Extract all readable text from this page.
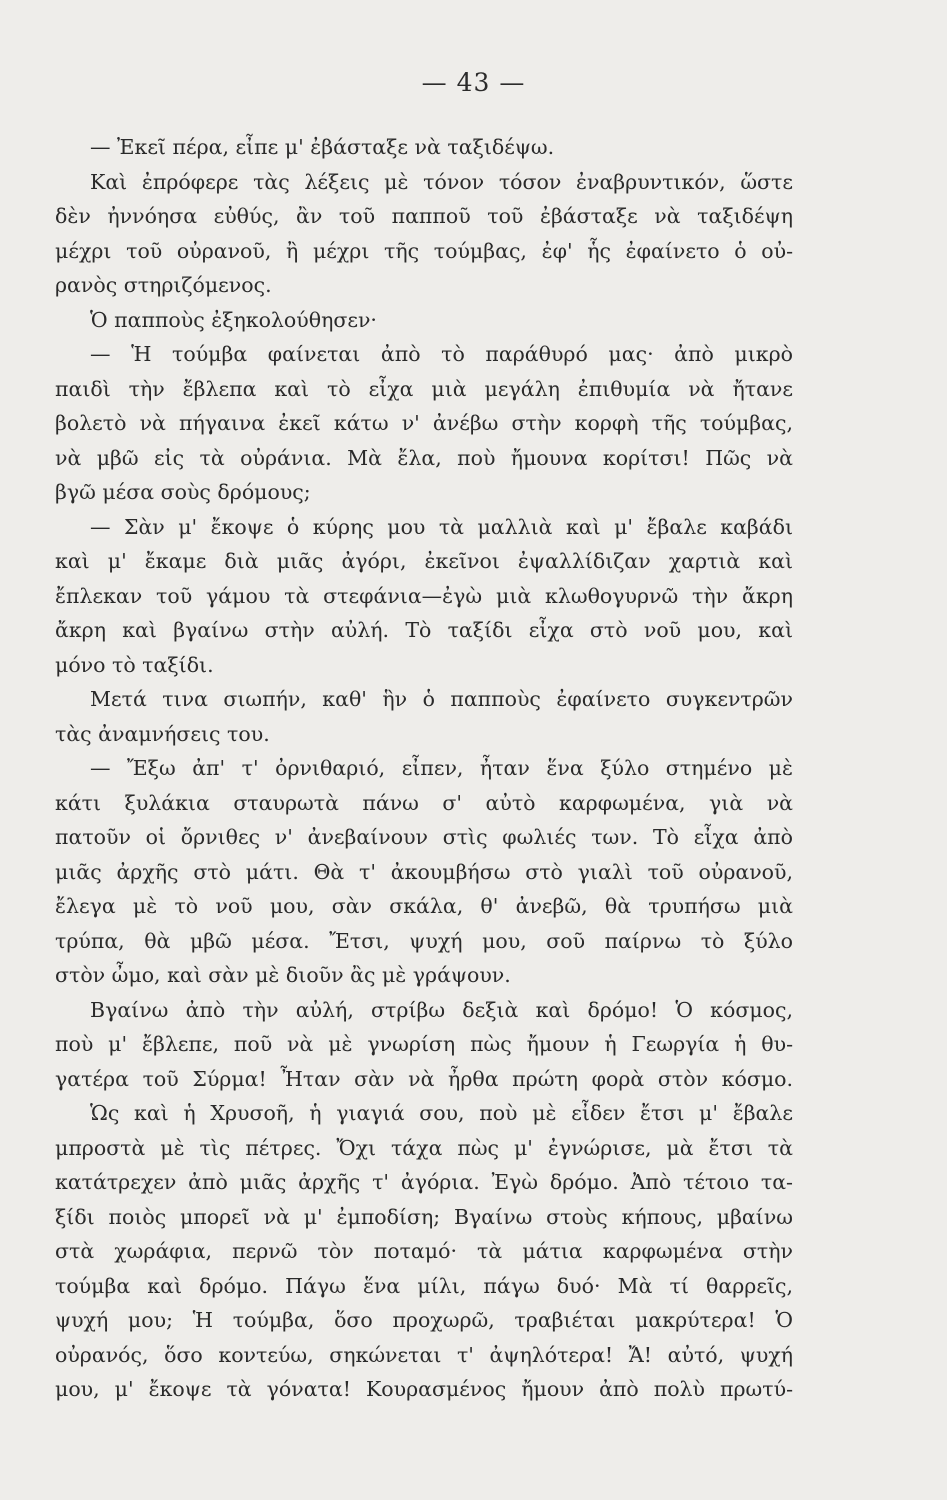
— 43 —
— Ἐκεῖ πέρα, εἶπε μ' ἐβάσταξε νὰ ταξιδέψω.
Καὶ ἐπρόφερε τὰς λέξεις μὲ τόνον τόσον ἐναβρυντικόν, ὥστε
δὲν ἠννόησα εὐθύς, ἂν τοῦ παπποῦ τοῦ ἐβάσταξε νὰ ταξιδέψη
μέχρι τοῦ οὐρανοῦ, ἢ μέχρι τῆς τούμβας, ἐφ' ἧς ἐφαίνετο ὁ οὐ-
ρανὸς στηριζόμενος.
Ὁ παπποὺς ἐξηκολούθησεν·
— Ἡ τούμβα φαίνεται ἀπὸ τὸ παράθυρό μας· ἀπὸ μικρὸ
παιδὶ τὴν ἔβλεπα καὶ τὸ εἶχα μιὰ μεγάλη ἐπιθυμία νὰ ἤτανε
βολετὸ νὰ πήγαινα ἐκεῖ κάτω ν' ἀνέβω στὴν κορφὴ τῆς τούμβας,
νὰ μβῶ εἰς τὰ οὐράνια. Μὰ ἔλα, ποὺ ἤμουνα κορίτσι! Πῶς νὰ
βγῶ μέσα σοὺς δρόμους;
— Σὰν μ' ἔκοψε ὁ κύρης μου τὰ μαλλιὰ καὶ μ' ἔβαλε καβάδι
καὶ μ' ἔκαμε διὰ μιᾶς ἀγόρι, ἐκεῖνοι ἐψαλλίδιζαν χαρτιὰ καὶ
ἔπλεκαν τοῦ γάμου τὰ στεφάνια—ἐγὼ μιὰ κλωθογυρνῶ τὴν ἄκρη
ἄκρη καὶ βγαίνω στὴν αὐλή. Τὸ ταξίδι εἶχα στὸ νοῦ μου, καὶ
μόνο τὸ ταξίδι.
Μετά τινα σιωπήν, καθ' ἣν ὁ παπποὺς ἐφαίνετο συγκεντρῶν
τὰς ἀναμνήσεις του.
— Ἔξω ἀπ' τ' ὀρνιθαριό, εἶπεν, ἦταν ἕνα ξύλο στημένο μὲ
κάτι ξυλάκια σταυρωτὰ πάνω σ' αὐτὸ καρφωμένα, γιὰ νὰ
πατοῦν οἱ ὄρνιθες ν' ἀνεβαίνουν στὶς φωλιές των. Τὸ εἶχα ἀπὸ
μιᾶς ἀρχῆς στὸ μάτι. Θὰ τ' ἀκουμβήσω στὸ γιαλὶ τοῦ οὐρανοῦ,
ἔλεγα μὲ τὸ νοῦ μου, σὰν σκάλα, θ' ἀνεβῶ, θὰ τρυπήσω μιὰ
τρύπα, θὰ μβῶ μέσα. Ἔτσι, ψυχή μου, σοῦ παίρνω τὸ ξύλο
στὸν ὦμο, καὶ σὰν μὲ διοῦν ἂς μὲ γράψουν.
Βγαίνω ἀπὸ τὴν αὐλή, στρίβω δεξιὰ καὶ δρόμο! Ὁ κόσμος,
ποὺ μ' ἔβλεπε, ποῦ νὰ μὲ γνωρίση πὼς ἤμουν ἡ Γεωργία ἡ θυ-
γατέρα τοῦ Σύρμα! Ἦταν σὰν νὰ ἦρθα πρώτη φορὰ στὸν κόσμο.
Ὡς καὶ ἡ Χρυσοῆ, ἡ γιαγιά σου, ποὺ μὲ εἶδεν ἔτσι μ' ἔβαλε
μπροστὰ μὲ τὶς πέτρες. Ὄχι τάχα πὼς μ' ἐγνώρισε, μὰ ἔτσι τὰ
κατάτρεχεν ἀπὸ μιᾶς ἀρχῆς τ' ἀγόρια. Ἐγὼ δρόμο. Ἀπὸ τέτοιο τα-
ξίδι ποιὸς μπορεῖ νὰ μ' ἐμποδίση; Βγαίνω στοὺς κήπους, μβαίνω
στὰ χωράφια, περνῶ τὸν ποταμό· τὰ μάτια καρφωμένα στὴν
τούμβα καὶ δρόμο. Πάγω ἕνα μίλι, πάγω δυό· Μὰ τί θαρρεῖς,
ψυχή μου; Ἡ τούμβα, ὅσο προχωρῶ, τραβιέται μακρύτερα! Ὁ
οὐρανός, ὅσο κοντεύω, σηκώνεται τ' ἀψηλότερα! Ἄ! αὐτό, ψυχή
μου, μ' ἔκοψε τὰ γόνατα! Κουρασμένος ἤμουν ἀπὸ πολὺ πρωτύ-
